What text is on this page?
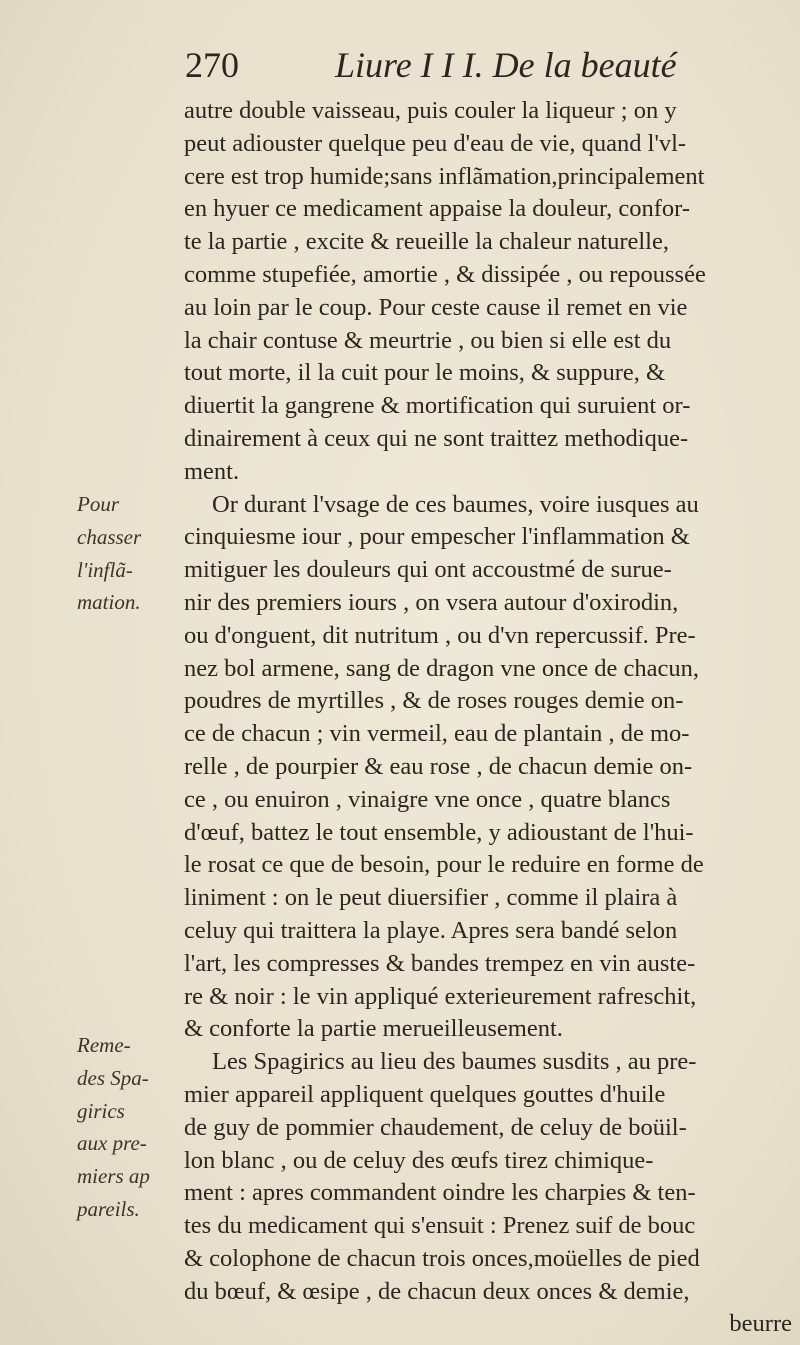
270	Liure I I I. De la beauté
Pour
chasser
l'inflã-
mation.
Reme-
des Spa-
girics
aux pre-
miers ap
pareils.
autre double vaisseau, puis couler la liqueur ; on y
peut adiouster quelque peu d'eau de vie, quand l'vl-
cere est trop humide;sans inflãmation,principalement
en hyuer ce medicament appaise la douleur, confor-
te la partie , excite & reueille la chaleur naturelle,
comme stupefiée, amortie , & dissipée , ou repoussée
au loin par le coup. Pour ceste cause il remet en vie
la chair contuse & meurtrie , ou bien si elle est du
tout morte, il la cuit pour le moins, & suppure, &
diuertit la gangrene & mortification qui suruient or-
dinairement à ceux qui ne sont traittez methodique-
ment.
Or durant l'vsage de ces baumes, voire iusques au
cinquiesme iour , pour empescher l'inflammation &
mitiguer les douleurs qui ont accoustmé de surue-
nir des premiers iours , on vsera autour d'oxirodin,
ou d'onguent, dit nutritum , ou d'vn repercussif. Pre-
nez bol armene, sang de dragon vne once de chacun,
poudres de myrtilles , & de roses rouges demie on-
ce de chacun ; vin vermeil, eau de plantain , de mo-
relle , de pourpier & eau rose , de chacun demie on-
ce , ou enuiron , vinaigre vne once , quatre blancs
d'œuf, battez le tout ensemble, y adioustant de l'hui-
le rosat ce que de besoin, pour le reduire en forme de
liniment : on le peut diuersifier , comme il plaira à
celuy qui traittera la playe. Apres sera bandé selon
l'art, les compresses & bandes trempez en vin auste-
re & noir : le vin appliqué exterieurement rafreschit,
& conforte la partie merueilleusement.
Les Spagirics au lieu des baumes susdits , au pre-
mier appareil appliquent quelques gouttes d'huile
de guy de pommier chaudement, de celuy de boüil-
lon blanc , ou de celuy des œufs tirez chimique-
ment : apres commandent oindre les charpies & ten-
tes du medicament qui s'ensuit : Prenez suif de bouc
& colophone de chacun trois onces,moüelles de pied
du bœuf, & œsipe , de chacun deux onces & demie,
beurre
